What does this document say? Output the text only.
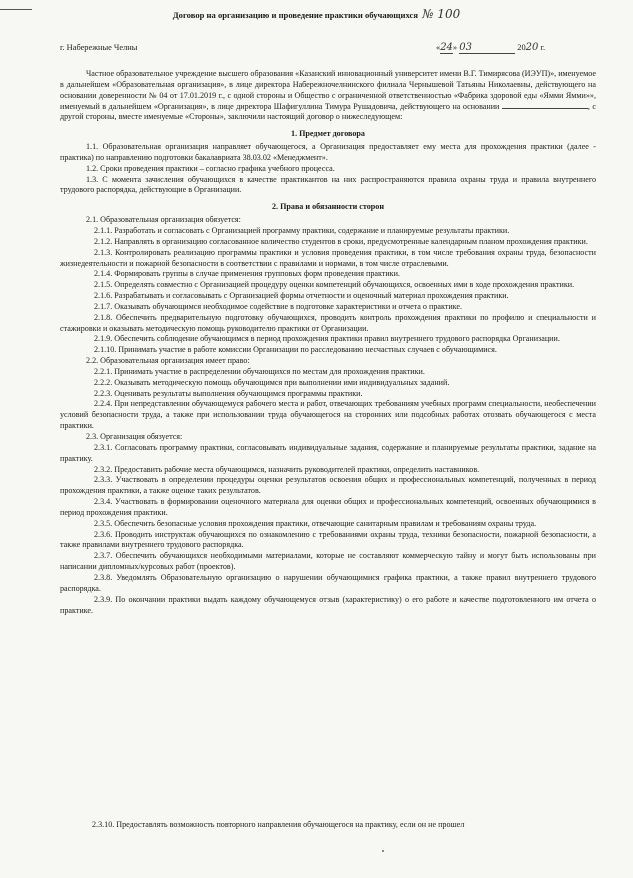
Договор на организацию и проведение практики обучающихся № 100
г. Набережные Челны	«24» 03	2020 г.

Частное образовательное учреждение высшего образования «Казанский инновационный университет имени В.Г. Тимирясова (ИЭУП)», именуемое в дальнейшем «Образовательная организация», в лице директора Набережночелнинского филиала Чернышевой Татьяны Николаевны, действующего на основании доверенности № 04 от 17.01.2019 г., с одной стороны и Общество с ограниченной ответственностью «Фабрика здоровой еды «Ямми Ямми»», именуемый в дальнейшем «Организация», в лице директора Шафигуллина Тимура Рушадовича, действующего на основании	, с другой стороны, вместе именуемые «Стороны», заключили настоящий договор о нижеследующем:

1. Предмет договора

1.1. Образовательная организация направляет обучающегося, а Организация предоставляет ему места для прохождения практики (далее - практика) по направлению подготовки бакалавриата 38.03.02 «Менеджмент».

1.2. Сроки проведения практики – согласно графика учебного процесса.

1.3. С момента зачисления обучающихся в качестве практикантов на них распространяются правила охраны труда и правила внутреннего трудового распорядка, действующие в Организации.

2. Права и обязанности сторон

2.1. Образовательная организация обязуется:

2.1.1. Разработать и согласовать с Организацией программу практики, содержание и планируемые результаты практики.

2.1.2. Направлять в организацию согласованное количество студентов в сроки, предусмотренные календарным планом прохождения практики.

2.1.3. Контролировать реализацию программы практики и условия проведения практики, в том числе требования охраны труда, безопасности жизнедеятельности и пожарной безопасности в соответствии с правилами и нормами, в том числе отраслевыми.

2.1.4. Формировать группы в случае применения групповых форм проведения практики.

2.1.5. Определять совместно с Организацией процедуру оценки компетенций обучающихся, освоенных ими в ходе прохождения практики.

2.1.6. Разрабатывать и согласовывать с Организацией формы отчетности и оценочный материал прохождения практики.

2.1.7. Оказывать обучающимся необходимое содействие в подготовке характеристики и отчета о практике.

2.1.8. Обеспечить предварительную подготовку обучающихся, проводить контроль прохождения практики по профилю и специальности и стажировки и оказывать методическую помощь руководителю практики от Организации.

2.1.9. Обеспечить соблюдение обучающимся в период прохождения практики правил внутреннего трудового распорядка Организации.

2.1.10. Принимать участие в работе комиссии Организации по расследованию несчастных случаев с обучающимися.

2.2. Образовательная организация имеет право:

2.2.1. Принимать участие в распределении обучающихся по местам для прохождения практики.

2.2.2. Оказывать методическую помощь обучающимся при выполнении ими индивидуальных заданий.

2.2.3. Оценивать результаты выполнения обучающимся программы практики.

2.2.4. При непредставлении обучающемуся рабочего места и работ, отвечающих требованиям учебных программ специальности, необеспечении условий безопасности труда, а также при использовании труда обучающегося на сторонних или подсобных работах отозвать обучающегося с места практики.

2.3. Организация обязуется:

2.3.1. Согласовать программу практики, согласовывать индивидуальные задания, содержание и планируемые результаты практики, задание на практику.

2.3.2. Предоставить рабочие места обучающимся, назначить руководителей практики, определить наставников.

2.3.3. Участвовать в определении процедуры оценки результатов освоения общих и профессиональных компетенций, полученных в период прохождения практики, а также оценке таких результатов.

2.3.4. Участвовать в формировании оценочного материала для оценки общих и профессиональных компетенций, освоенных обучающимися в период прохождения практики.

2.3.5. Обеспечить безопасные условия прохождения практики, отвечающие санитарным правилам и требованиям охраны труда.

2.3.6. Проводить инструктаж обучающихся по ознакомлению с требованиями охраны труда, техники безопасности, пожарной безопасности, а также правилами внутреннего трудового распорядка.

2.3.7. Обеспечить обучающихся необходимыми материалами, которые не составляют коммерческую тайну и могут быть использованы при написании дипломных/курсовых работ (проектов).

2.3.8. Уведомлять Образовательную организацию о нарушении обучающимися графика практики, а также правил внутреннего трудового распорядка.

2.3.9. По окончании практики выдать каждому обучающемуся отзыв (характеристику) о его работе и качестве подготовленного им отчета о практике.

2.3.10. Предоставлять возможность повторного направления обучающегося на практику, если он не прошел
